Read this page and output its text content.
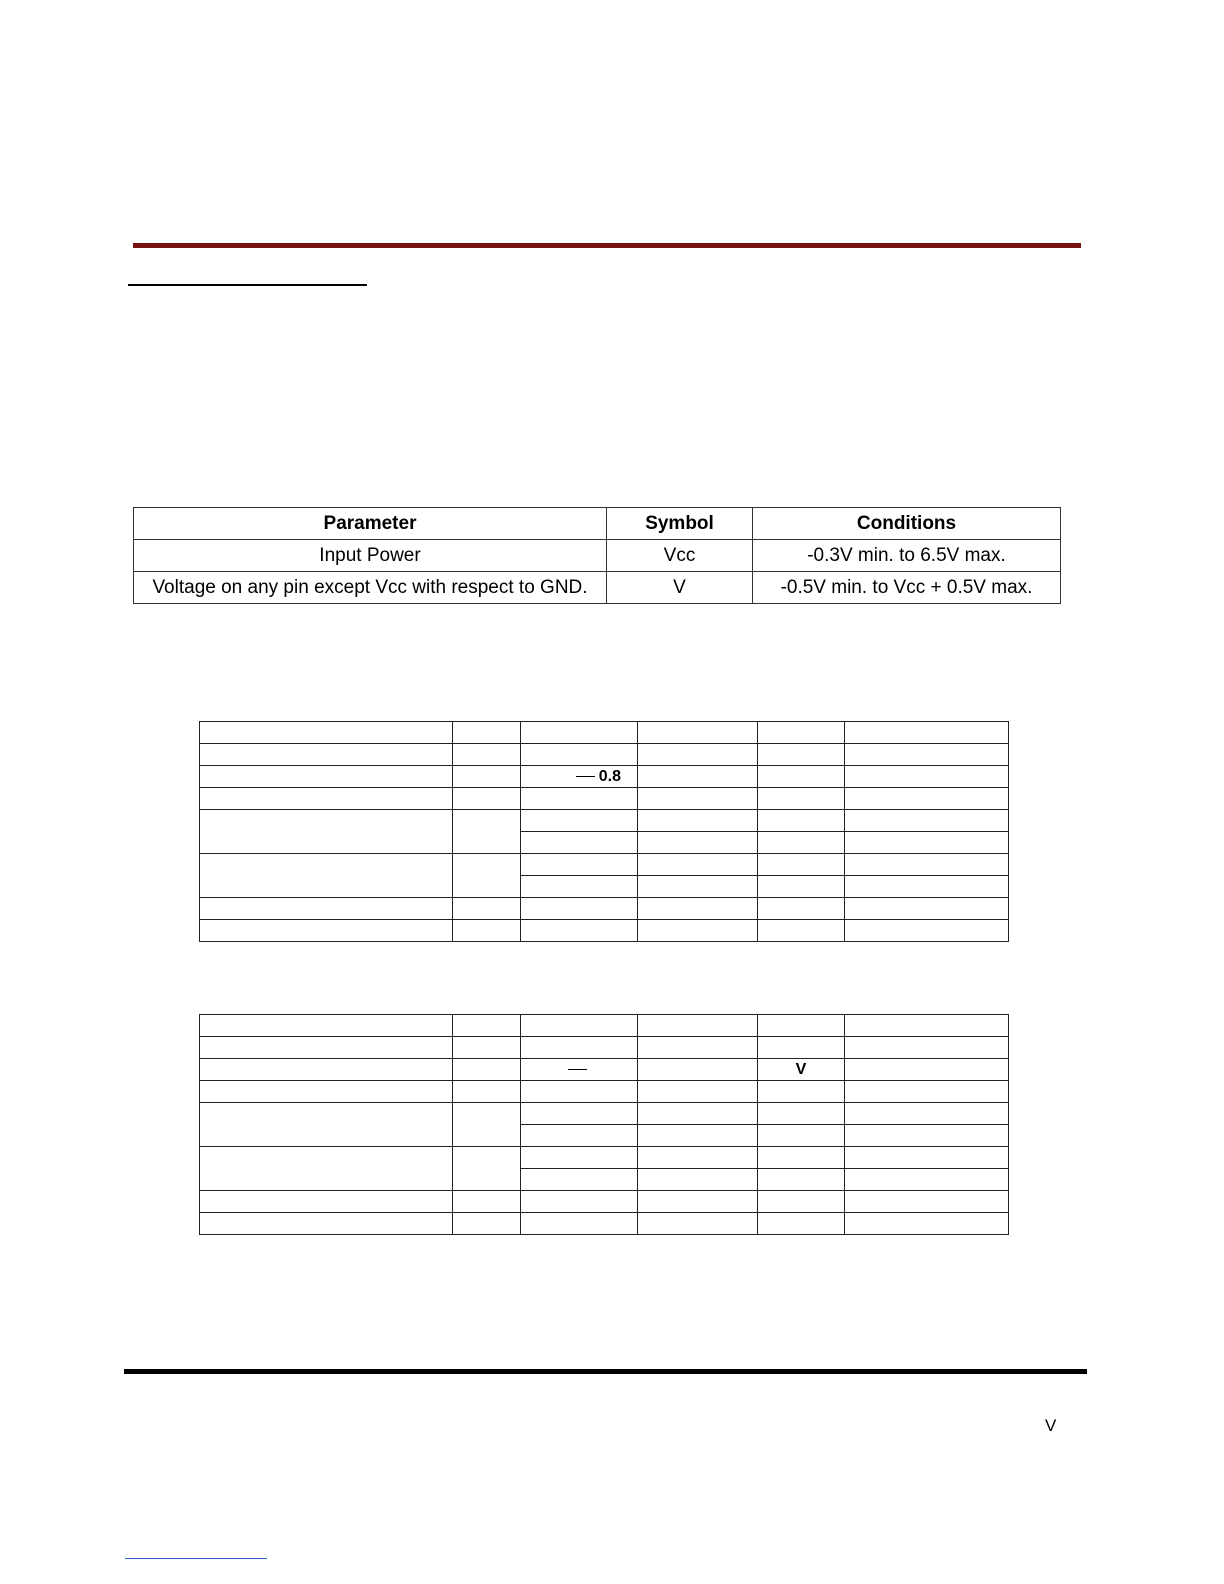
Parameter	Symbol	Conditions
Input Power	Vcc	-0.3V min. to 6.5V max.
Voltage on any pin except Vcc with respect to GND.	V	-0.5V min. to Vcc + 0.5V max.

		0.8			

				V	

V
